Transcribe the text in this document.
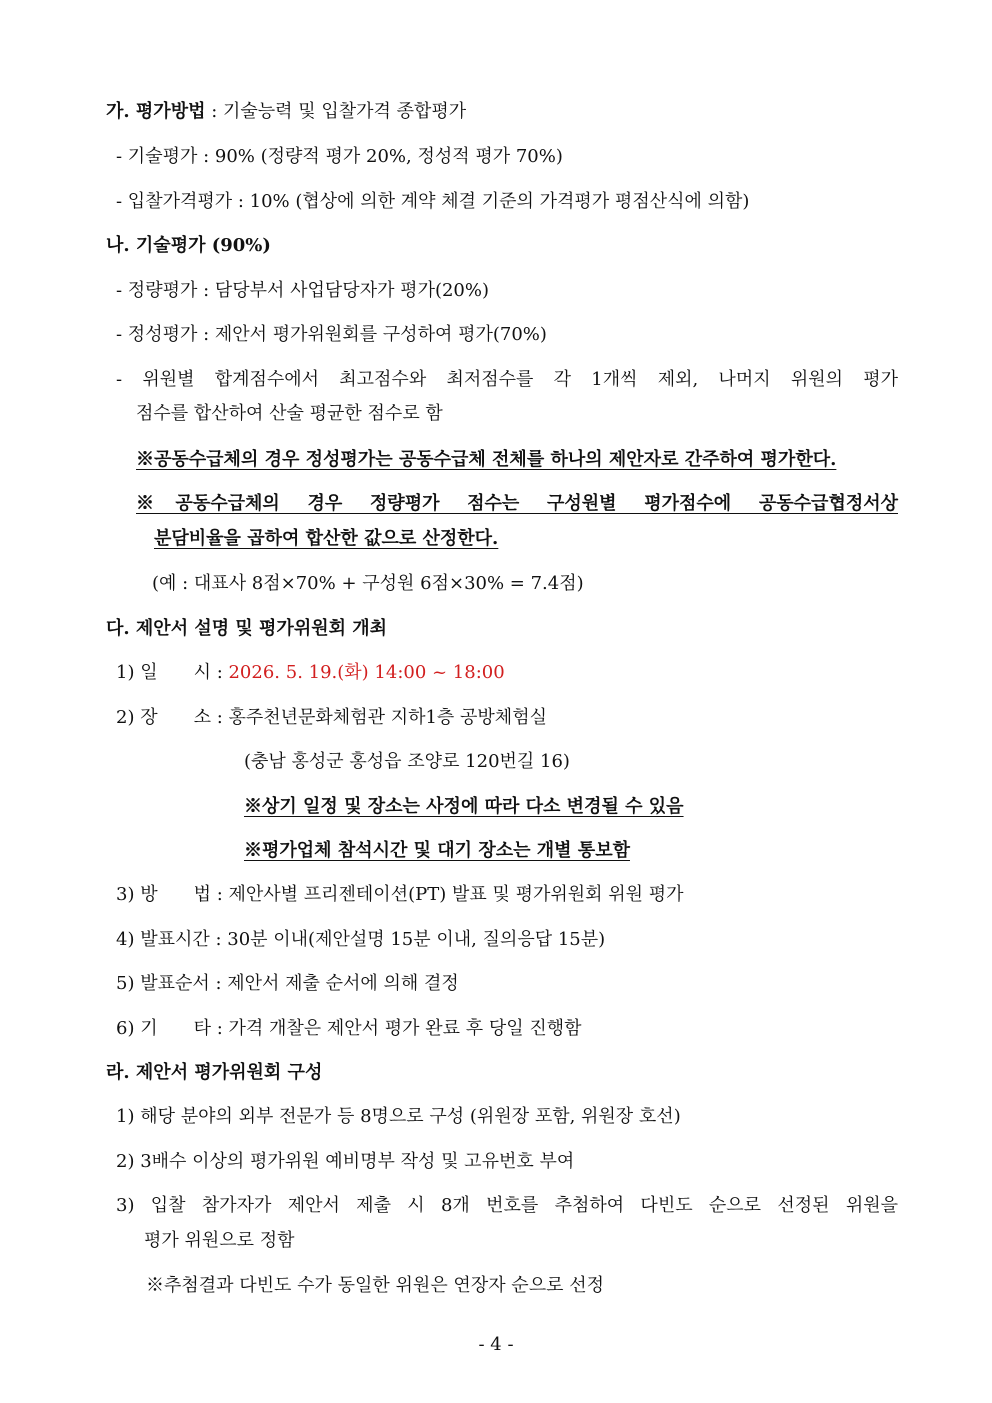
가. 평가방법 : 기술능력 및 입찰가격 종합평가
- 기술평가 : 90% (정량적 평가 20%, 정성적 평가 70%)
- 입찰가격평가 : 10% (협상에 의한 계약 체결 기준의 가격평가 평점산식에 의함)
나. 기술평가 (90%)
- 정량평가 : 담당부서 사업담당자가 평가(20%)
- 정성평가 : 제안서 평가위원회를 구성하여 평가(70%)
- 위원별 합계점수에서 최고점수와 최저점수를 각 1개씩 제외, 나머지 위원의 평가
점수를 합산하여 산술 평균한 점수로 함
※공동수급체의 경우 정성평가는 공동수급체 전체를 하나의 제안자로 간주하여 평가한다.
※공동수급체의 경우 정량평가 점수는 구성원별 평가점수에 공동수급협정서상
분담비율을 곱하여 합산한 값으로 산정한다.
(예 : 대표사 8점×70% + 구성원 6점×30% = 7.4점)
다. 제안서 설명 및 평가위원회 개최
1) 일　　시 : 2026. 5. 19.(화) 14:00 ~ 18:00
2) 장　　소 : 홍주천년문화체험관 지하1층 공방체험실
(충남 홍성군 홍성읍 조양로 120번길 16)
※상기 일정 및 장소는 사정에 따라 다소 변경될 수 있음
※평가업체 참석시간 및 대기 장소는 개별 통보함
3) 방　　법 : 제안사별 프리젠테이션(PT) 발표 및 평가위원회 위원 평가
4) 발표시간 : 30분 이내(제안설명 15분 이내, 질의응답 15분)
5) 발표순서 : 제안서 제출 순서에 의해 결정
6) 기　　타 : 가격 개찰은 제안서 평가 완료 후 당일 진행함
라. 제안서 평가위원회 구성
1) 해당 분야의 외부 전문가 등 8명으로 구성 (위원장 포함, 위원장 호선)
2) 3배수 이상의 평가위원 예비명부 작성 및 고유번호 부여
3) 입찰 참가자가 제안서 제출 시 8개 번호를 추첨하여 다빈도 순으로 선정된 위원을
평가 위원으로 정함
※추첨결과 다빈도 수가 동일한 위원은 연장자 순으로 선정
- 4 -
